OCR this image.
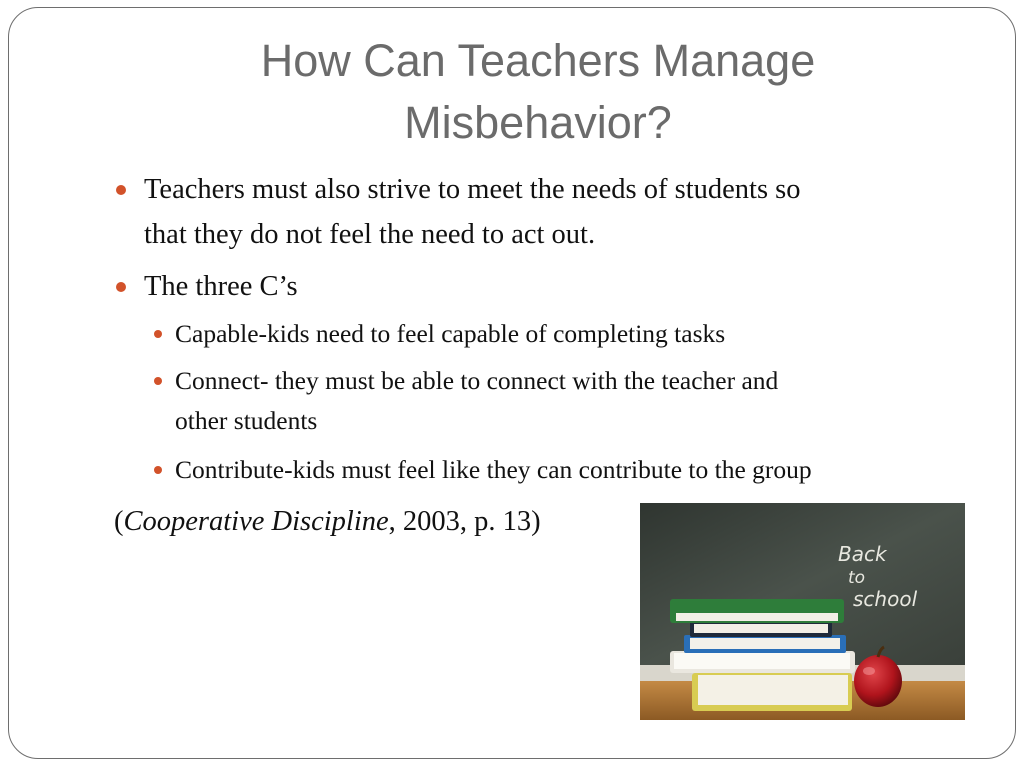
How Can Teachers Manage
Misbehavior?
Teachers must also strive to meet the needs of students so
that they do not feel the need to act out.
The three C’s
Capable-kids need to feel capable of completing tasks
Connect- they must be able to connect with the teacher and
other students
Contribute-kids must feel like they can contribute to the group
(Cooperative Discipline, 2003, p. 13)
Back
to
school
